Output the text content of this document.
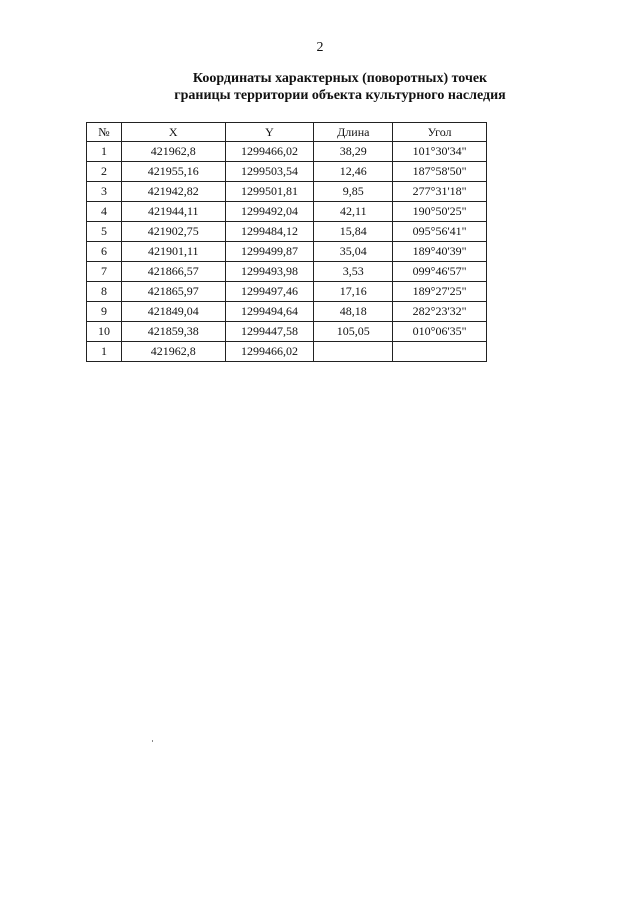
2
Координаты характерных (поворотных) точек
границы территории объекта культурного наследия
№	X	Y	Длина	Угол
1	421962,8	1299466,02	38,29	101°30'34"
2	421955,16	1299503,54	12,46	187°58'50"
3	421942,82	1299501,81	9,85	277°31'18"
4	421944,11	1299492,04	42,11	190°50'25"
5	421902,75	1299484,12	15,84	095°56'41"
6	421901,11	1299499,87	35,04	189°40'39"
7	421866,57	1299493,98	3,53	099°46'57"
8	421865,97	1299497,46	17,16	189°27'25"
9	421849,04	1299494,64	48,18	282°23'32"
10	421859,38	1299447,58	105,05	010°06'35"
1	421962,8	1299466,02		
